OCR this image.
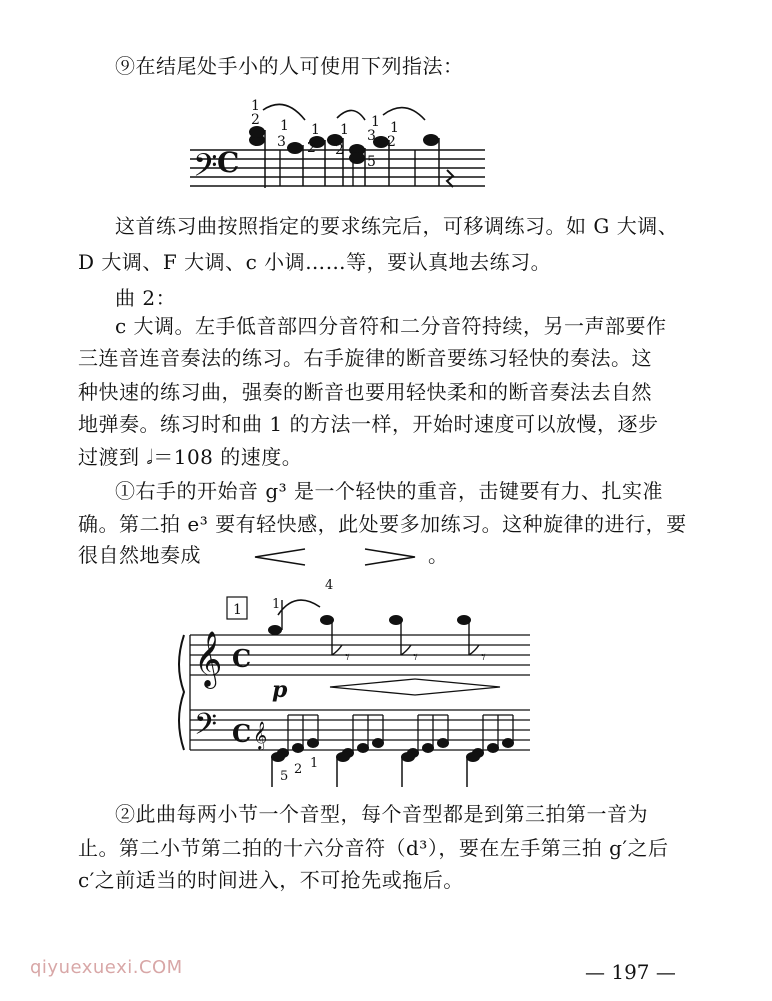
⑨在结尾处手小的人可使用下列指法：
𝄢 C
1
2 1
3
1
2
1
2
1
3 1
2
5
这首练习曲按照指定的要求练完后，可移调练习。如 G 大调、
D 大调、F 大调、c 小调……等，要认真地去练习。
曲 2：
c 大调。左手低音部四分音符和二分音符持续，另一声部要作
三连音连音奏法的练习。右手旋律的断音要练习轻快的奏法。这
种快速的练习曲，强奏的断音也要用轻快柔和的断音奏法去自然
地弹奏。练习时和曲 1 的方法一样，开始时速度可以放慢，逐步
过渡到 𝅗𝅥＝108 的速度。
①右手的开始音 g³ 是一个轻快的重音，击键要有力、扎实准
确。第二拍 e³ 要有轻快感，此处要多加练习。这种旋律的进行，要
很自然地奏成	。
1
𝄞 C
𝄢 C 𝄞
𝄾	𝄾	𝄾
p
1
4
5 2 1
②此曲每两小节一个音型，每个音型都是到第三拍第一音为
止。第二小节第二拍的十六分音符（d³），要在左手第三拍 g′之后
c′之前适当的时间进入，不可抢先或拖后。
qiyuexuexi.COM	— 197 —
